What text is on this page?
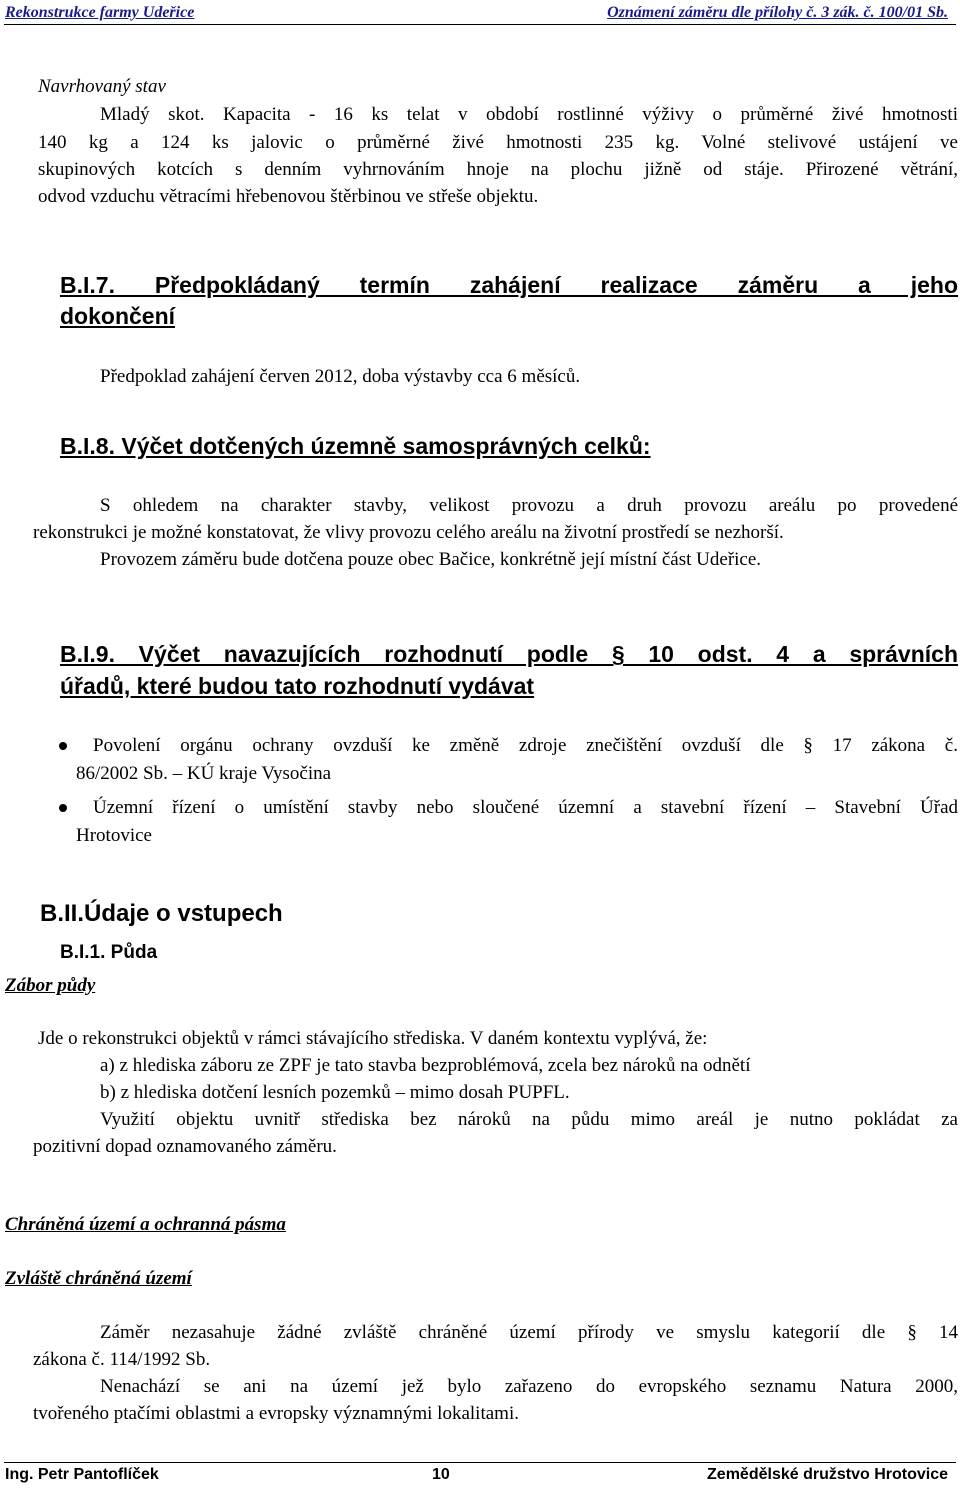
Rekonstrukce farmy Udeřice	Oznámení záměru dle přílohy č. 3 zák. č. 100/01 Sb.
Navrhovaný stav
Mladý skot. Kapacita - 16 ks telat v období rostlinné výživy o průměrné živé hmotnosti
140 kg a 124 ks jalovic o průměrné živé hmotnosti 235 kg. Volné stelivové ustájení ve
skupinových kotcích s denním vyhrnováním hnoje na plochu jižně od stáje. Přirozené větrání,
odvod vzduchu větracími hřebenovou štěrbinou ve střeše objektu.
B.I.7. Předpokládaný termín zahájení realizace záměru a jeho
dokončení
Předpoklad zahájení červen 2012, doba výstavby cca 6 měsíců.
B.I.8. Výčet dotčených územně samosprávných celků:
S ohledem na charakter stavby, velikost provozu a druh provozu areálu po provedené
rekonstrukci je možné konstatovat, že vlivy provozu celého areálu na životní prostředí se nezhorší.
Provozem záměru bude dotčena pouze obec Bačice, konkrétně její místní část Udeřice.
B.I.9. Výčet navazujících rozhodnutí podle § 10 odst. 4 a správních
úřadů, které budou tato rozhodnutí vydávat
Povolení orgánu ochrany ovzduší ke změně zdroje znečištění ovzduší dle § 17 zákona č.
86/2002 Sb. – KÚ kraje Vysočina
Územní řízení o umístění stavby nebo sloučené územní a stavební řízení – Stavební Úřad
Hrotovice
B.II.Údaje o vstupech
B.I.1. Půda
Zábor půdy
Jde o rekonstrukci objektů v rámci stávajícího střediska. V daném kontextu vyplývá, že:
a) z hlediska záboru ze ZPF je tato stavba bezproblémová, zcela bez nároků na odnětí
b) z hlediska dotčení lesních pozemků – mimo dosah PUPFL.
Využití objektu uvnitř střediska bez nároků na půdu mimo areál je nutno pokládat za
pozitivní dopad oznamovaného záměru.
Chráněná území a ochranná pásma
Zvláště chráněná území
Záměr nezasahuje žádné zvláště chráněné území přírody ve smyslu kategorií dle § 14
zákona č. 114/1992 Sb.
Nenachází se ani na území jež bylo zařazeno do evropského seznamu Natura 2000,
tvořeného ptačími oblastmi a evropsky významnými lokalitami.
Ing. Petr Pantoflíček	10	Zemědělské družstvo Hrotovice
